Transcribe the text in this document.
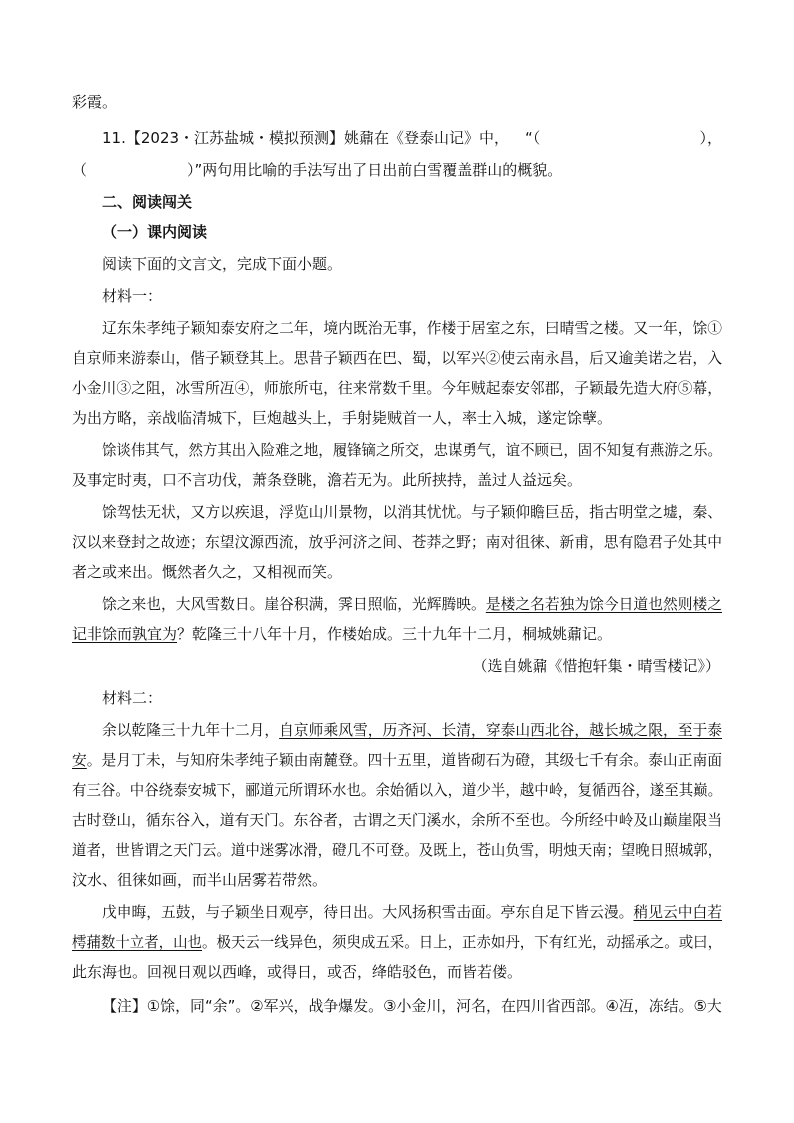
彩霞。
11.【2023・江苏盐城・模拟预测】姚鼐在《登泰山记》中， “（	），
（	）”两句用比喻的手法写出了日出前白雪覆盖群山的概貌。
二、阅读闯关
（一）课内阅读
阅读下面的文言文，完成下面小题。
材料一：
辽东朱孝纯子颖知泰安府之二年，境内既治无事，作楼于居室之东，曰晴雪之楼。又一年，馀①
自京师来游泰山，偕子颖登其上。思昔子颖西在巴、蜀，以军兴②使云南永昌，后又逾美诺之岩，入
小金川③之阻，冰雪所冱④，师旅所屯，往来常数千里。今年贼起泰安邻郡，子颖最先造大府⑤幕，
为出方略，亲战临清城下，巨炮越头上，手射毙贼首一人，率士入城，遂定馀孽。
馀谈伟其气，然方其出入险难之地，履锋镝之所交，忠谋勇气，谊不顾已，固不知复有燕游之乐。
及事定时夷，口不言功伐，萧条登眺，澹若无为。此所挟持，盖过人益远矣。
馀驾怯无状，又方以疾退，浮览山川景物，以消其忧忧。与子颖仰瞻巨岳，指古明堂之墟，秦、
汉以来登封之故迹；东望汶源西流，放乎河济之间、苍莽之野；南对徂徕、新甫，思有隐君子处其中
者之或来出。慨然者久之，又相视而笑。
馀之来也，大风雪数日。崖谷积满，霁日照临，光辉腾映。是楼之名若独为馀今日道也然则楼之
记非馀而孰宜为？乾隆三十八年十月，作楼始成。三十九年十二月，桐城姚鼐记。
（选自姚鼐《惜抱轩集・晴雪楼记》）
材料二：
余以乾隆三十九年十二月，自京师乘风雪，历齐河、长清，穿泰山西北谷，越长城之限，至于泰
安。是月丁未，与知府朱孝纯子颖由南麓登。四十五里，道皆砌石为磴，其级七千有余。泰山正南面
有三谷。中谷绕泰安城下，郦道元所谓环水也。余始循以入，道少半，越中岭，复循西谷，遂至其巅。
古时登山，循东谷入，道有天门。东谷者，古谓之天门溪水，余所不至也。今所经中岭及山巅崖限当
道者，世皆谓之天门云。道中迷雾冰滑，磴几不可登。及既上，苍山负雪，明烛天南；望晚日照城郭，
汶水、徂徕如画，而半山居雾若带然。
戊申晦，五鼓，与子颖坐日观亭，待日出。大风扬积雪击面。亭东自足下皆云漫。稍见云中白若
樗蒱数十立者，山也。极天云一线异色，须臾成五采。日上，正赤如丹，下有红光，动摇承之。或曰，
此东海也。回视日观以西峰，或得日，或否，绛皓驳色，而皆若偻。
【注】①馀，同“余”。②军兴，战争爆发。③小金川，河名，在四川省西部。④冱，冻结。⑤大
